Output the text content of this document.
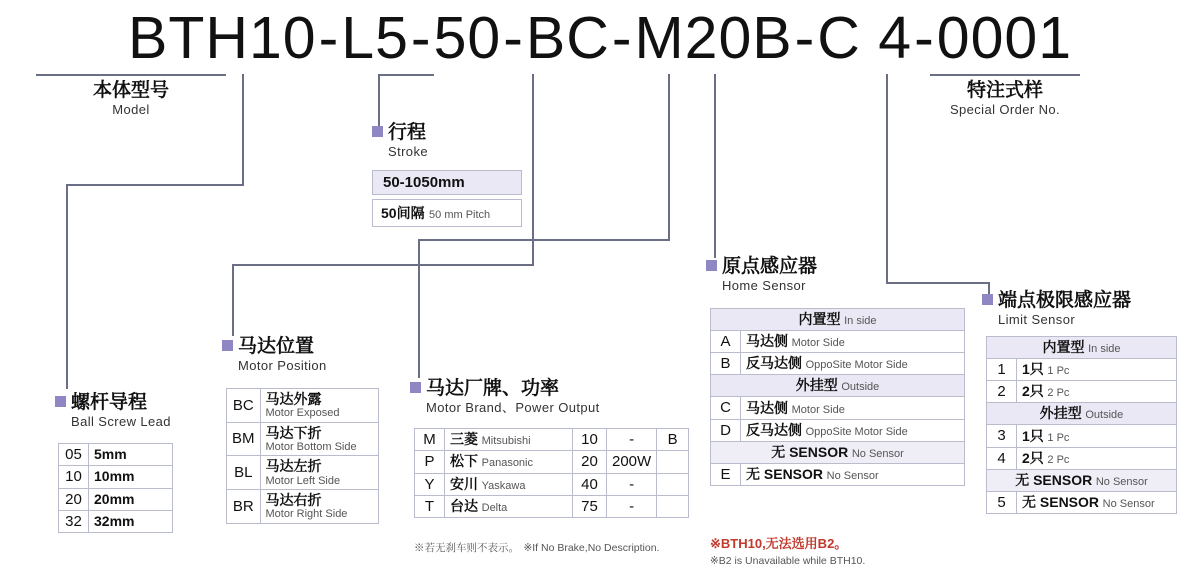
BTH10-L5-50-BC-M20B-C 4-0001
本体型号
Model
特注式样
Special Order No.
行程
Stroke
50-1050mm
50间隔 50 mm Pitch
螺杆导程
Ball Screw Lead
05	5mm
10	10mm
20	20mm
32	32mm
马达位置
Motor Position
BC	马达外露
Motor Exposed

BM	马达下折
Motor Bottom Side

BL	马达左折
Motor Left Side

BR	马达右折
Motor Right Side
马达厂牌、功率
Motor Brand、Power Output
M	三菱 Mitsubishi	10	-	B
P	松下 Panasonic	20	200W	
Y	安川 Yaskawa	40	-	
T	台达 Delta	75	-	
※若无刹车则不表示。 ※If No Brake,No Description.
原点感应器
Home Sensor
内置型 In side	
A	马达侧 Motor Side
B	反马达侧 OppoSite Motor Side
外挂型 Outside	
C	马达侧 Motor Side
D	反马达侧 OppoSite Motor Side
无 SENSOR No Sensor	
E	无 SENSOR No Sensor
※BTH10,无法选用B2。
※B2 is Unavailable while BTH10.
端点极限感应器
Limit Sensor
内置型 In side	
1	1只 1 Pc
2	2只 2 Pc
外挂型 Outside	
3	1只 1 Pc
4	2只 2 Pc
无 SENSOR No Sensor	
5	无 SENSOR No Sensor
